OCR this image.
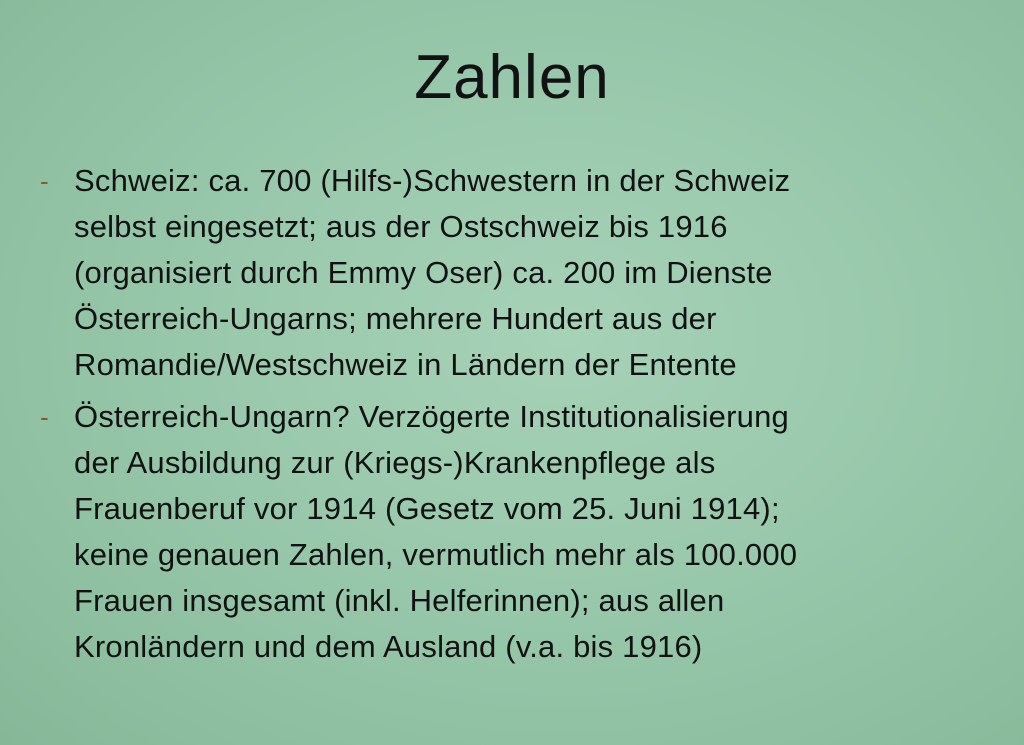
Zahlen
- Schweiz: ca. 700 (Hilfs-)Schwestern in der Schweiz
selbst eingesetzt; aus der Ostschweiz bis 1916
(organisiert durch Emmy Oser) ca. 200 im Dienste
Österreich-Ungarns; mehrere Hundert aus der
Romandie/Westschweiz in Ländern der Entente
- Österreich-Ungarn? Verzögerte Institutionalisierung
der Ausbildung zur (Kriegs-)Krankenpflege als
Frauenberuf vor 1914 (Gesetz vom 25. Juni 1914);
keine genauen Zahlen, vermutlich mehr als 100.000
Frauen insgesamt (inkl. Helferinnen); aus allen
Kronländern und dem Ausland (v.a. bis 1916)
